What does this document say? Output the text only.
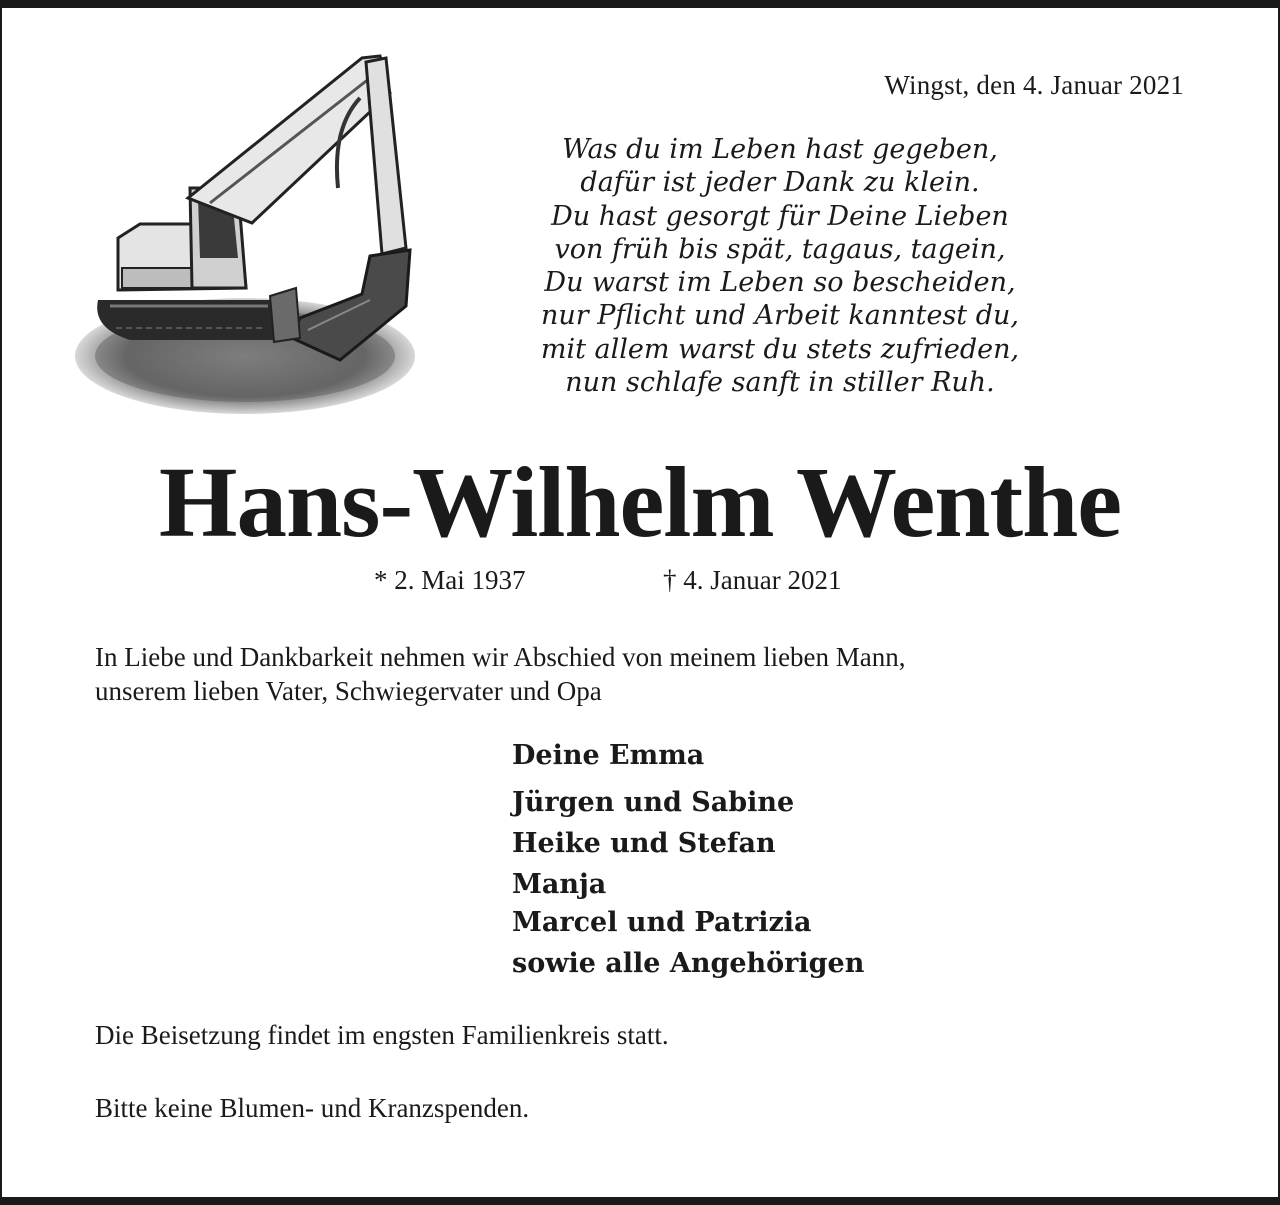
Wingst, den 4. Januar 2021
Was du im Leben hast gegeben,
dafür ist jeder Dank zu klein.
Du hast gesorgt für Deine Lieben
von früh bis spät, tagaus, tagein,
Du warst im Leben so bescheiden,
nur Pflicht und Arbeit kanntest du,
mit allem warst du stets zufrieden,
nun schlafe sanft in stiller Ruh.
Hans-Wilhelm Wenthe
* 2. Mai 1937	† 4. Januar 2021
In Liebe und Dankbarkeit nehmen wir Abschied von meinem lieben Mann,
unserem lieben Vater, Schwiegervater und Opa
Deine Emma
Jürgen und Sabine
Heike und Stefan
Manja
Marcel und Patrizia
sowie alle Angehörigen
Die Beisetzung findet im engsten Familienkreis statt.
Bitte keine Blumen- und Kranzspenden.
